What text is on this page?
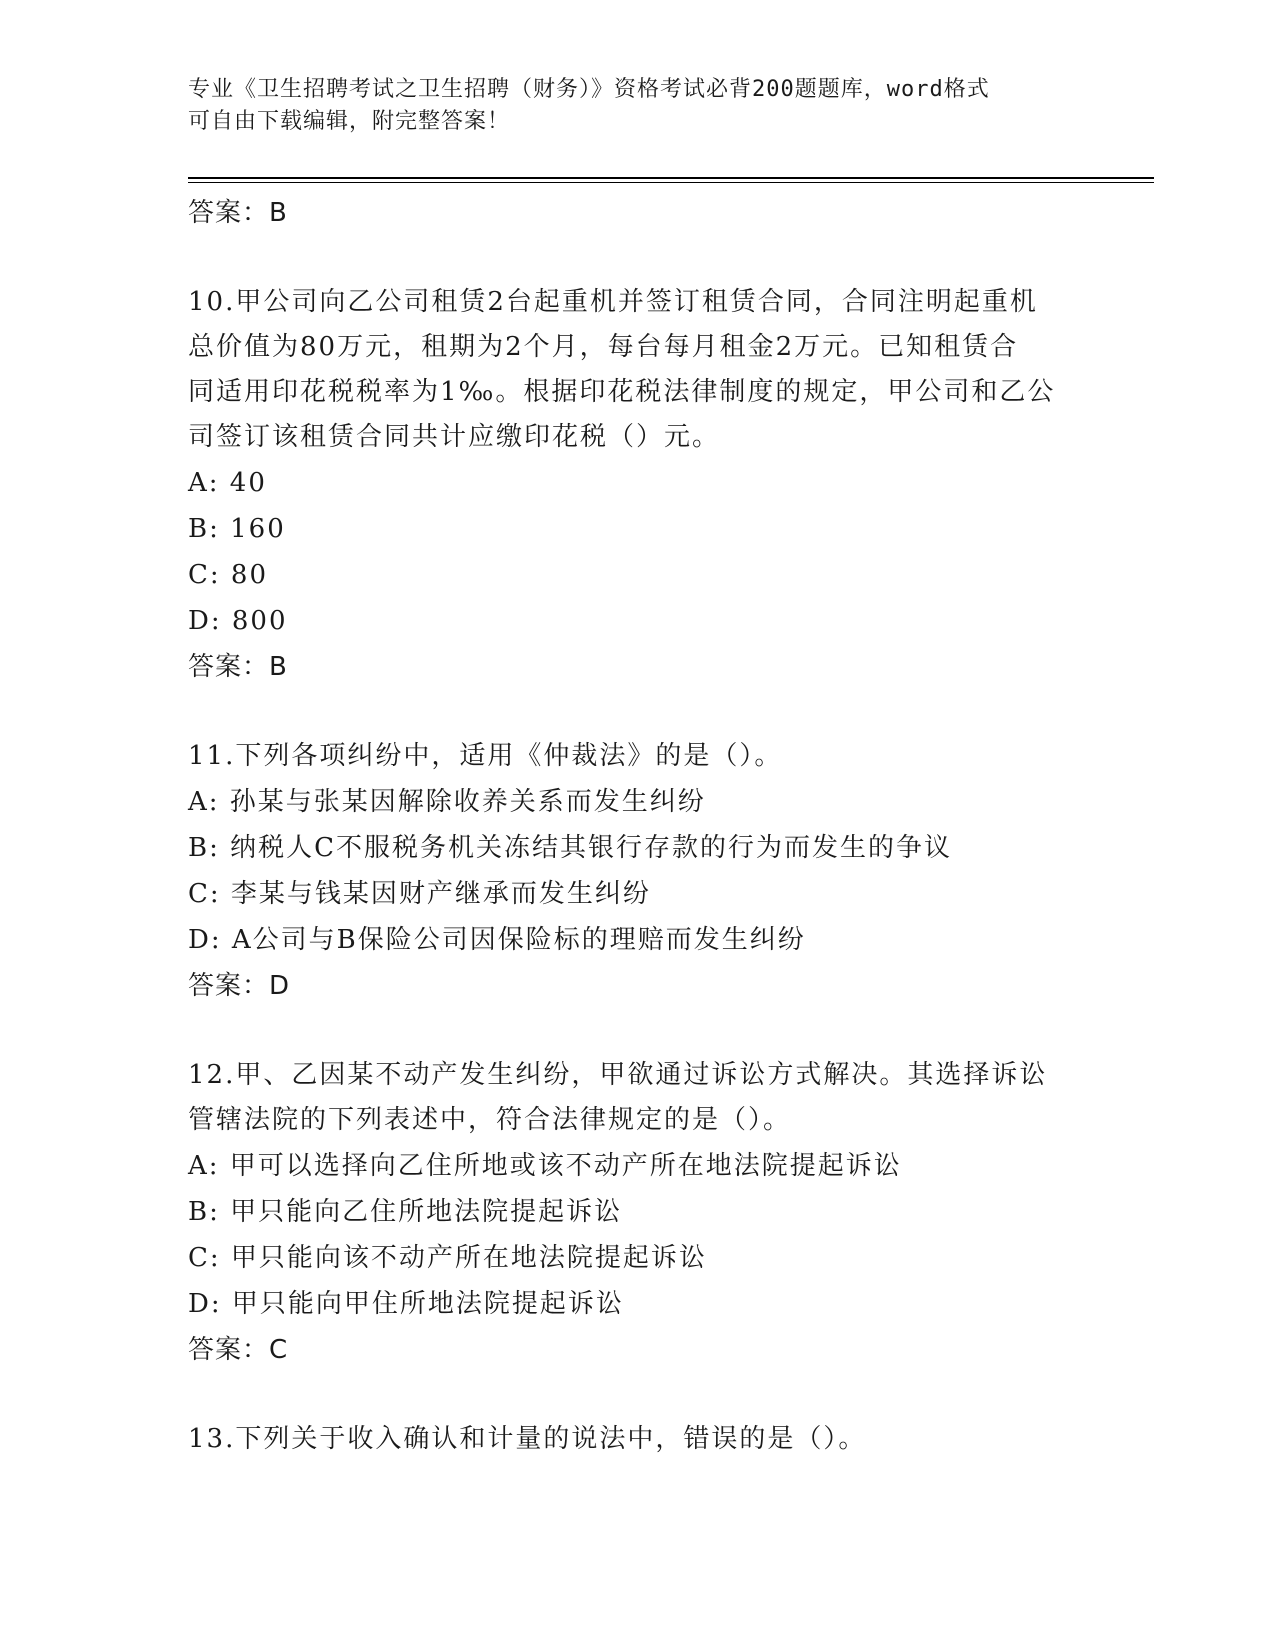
专业《卫生招聘考试之卫生招聘（财务）》资格考试必背200题题库，word格式
可自由下载编辑，附完整答案！
答案：B
10.甲公司向乙公司租赁2台起重机并签订租赁合同，合同注明起重机
总价值为80万元，租期为2个月，每台每月租金2万元。已知租赁合
同适用印花税税率为1‰。根据印花税法律制度的规定，甲公司和乙公
司签订该租赁合同共计应缴印花税（）元。
A: 40
B: 160
C: 80
D: 800
答案：B
11.下列各项纠纷中，适用《仲裁法》的是（）。
A: 孙某与张某因解除收养关系而发生纠纷
B: 纳税人C不服税务机关冻结其银行存款的行为而发生的争议
C: 李某与钱某因财产继承而发生纠纷
D: A公司与B保险公司因保险标的理赔而发生纠纷
答案：D
12.甲、乙因某不动产发生纠纷，甲欲通过诉讼方式解决。其选择诉讼
管辖法院的下列表述中，符合法律规定的是（）。
A: 甲可以选择向乙住所地或该不动产所在地法院提起诉讼
B: 甲只能向乙住所地法院提起诉讼
C: 甲只能向该不动产所在地法院提起诉讼
D: 甲只能向甲住所地法院提起诉讼
答案：C
13.下列关于收入确认和计量的说法中，错误的是（）。
